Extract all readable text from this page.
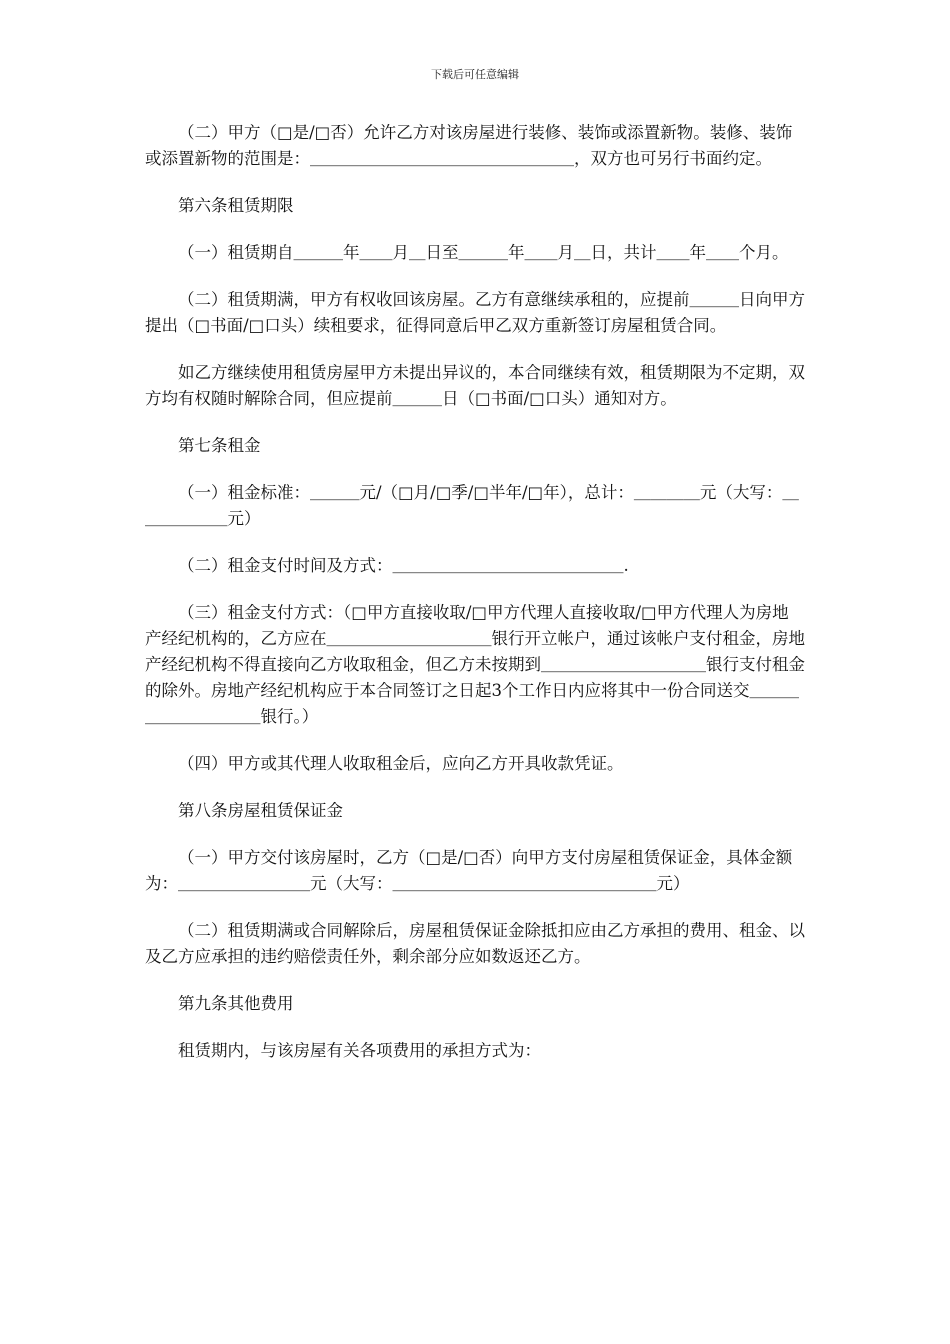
下载后可任意编辑

（二）甲方（□是/□否）允许乙方对该房屋进行装修、装饰或添置新物。装修、装饰或添置新物的范围是：＿＿＿＿＿＿＿＿＿＿＿＿＿＿＿＿，双方也可另行书面约定。

第六条租赁期限

（一）租赁期自＿＿＿年＿＿月＿日至＿＿＿年＿＿月＿日，共计＿＿年＿＿个月。

（二）租赁期满，甲方有权收回该房屋。乙方有意继续承租的，应提前＿＿＿日向甲方提出（□书面/□口头）续租要求，征得同意后甲乙双方重新签订房屋租赁合同。

如乙方继续使用租赁房屋甲方未提出异议的，本合同继续有效，租赁期限为不定期，双方均有权随时解除合同，但应提前＿＿＿日（□书面/□口头）通知对方。

第七条租金

（一）租金标准：＿＿＿元/（□月/□季/□半年/□年），总计：＿＿＿＿元（大写：＿＿＿＿＿＿元）

（二）租金支付时间及方式：＿＿＿＿＿＿＿＿＿＿＿＿＿＿.

（三）租金支付方式：（□甲方直接收取/□甲方代理人直接收取/□甲方代理人为房地产经纪机构的，乙方应在＿＿＿＿＿＿＿＿＿＿银行开立帐户，通过该帐户支付租金，房地产经纪机构不得直接向乙方收取租金，但乙方未按期到＿＿＿＿＿＿＿＿＿＿银行支付租金的除外。房地产经纪机构应于本合同签订之日起3个工作日内应将其中一份合同送交＿＿＿＿＿＿＿＿＿＿银行。）

（四）甲方或其代理人收取租金后，应向乙方开具收款凭证。

第八条房屋租赁保证金

（一）甲方交付该房屋时，乙方（□是/□否）向甲方支付房屋租赁保证金，具体金额为：＿＿＿＿＿＿＿＿元（大写：＿＿＿＿＿＿＿＿＿＿＿＿＿＿＿＿元）

（二）租赁期满或合同解除后，房屋租赁保证金除抵扣应由乙方承担的费用、租金、以及乙方应承担的违约赔偿责任外，剩余部分应如数返还乙方。

第九条其他费用

租赁期内，与该房屋有关各项费用的承担方式为：
